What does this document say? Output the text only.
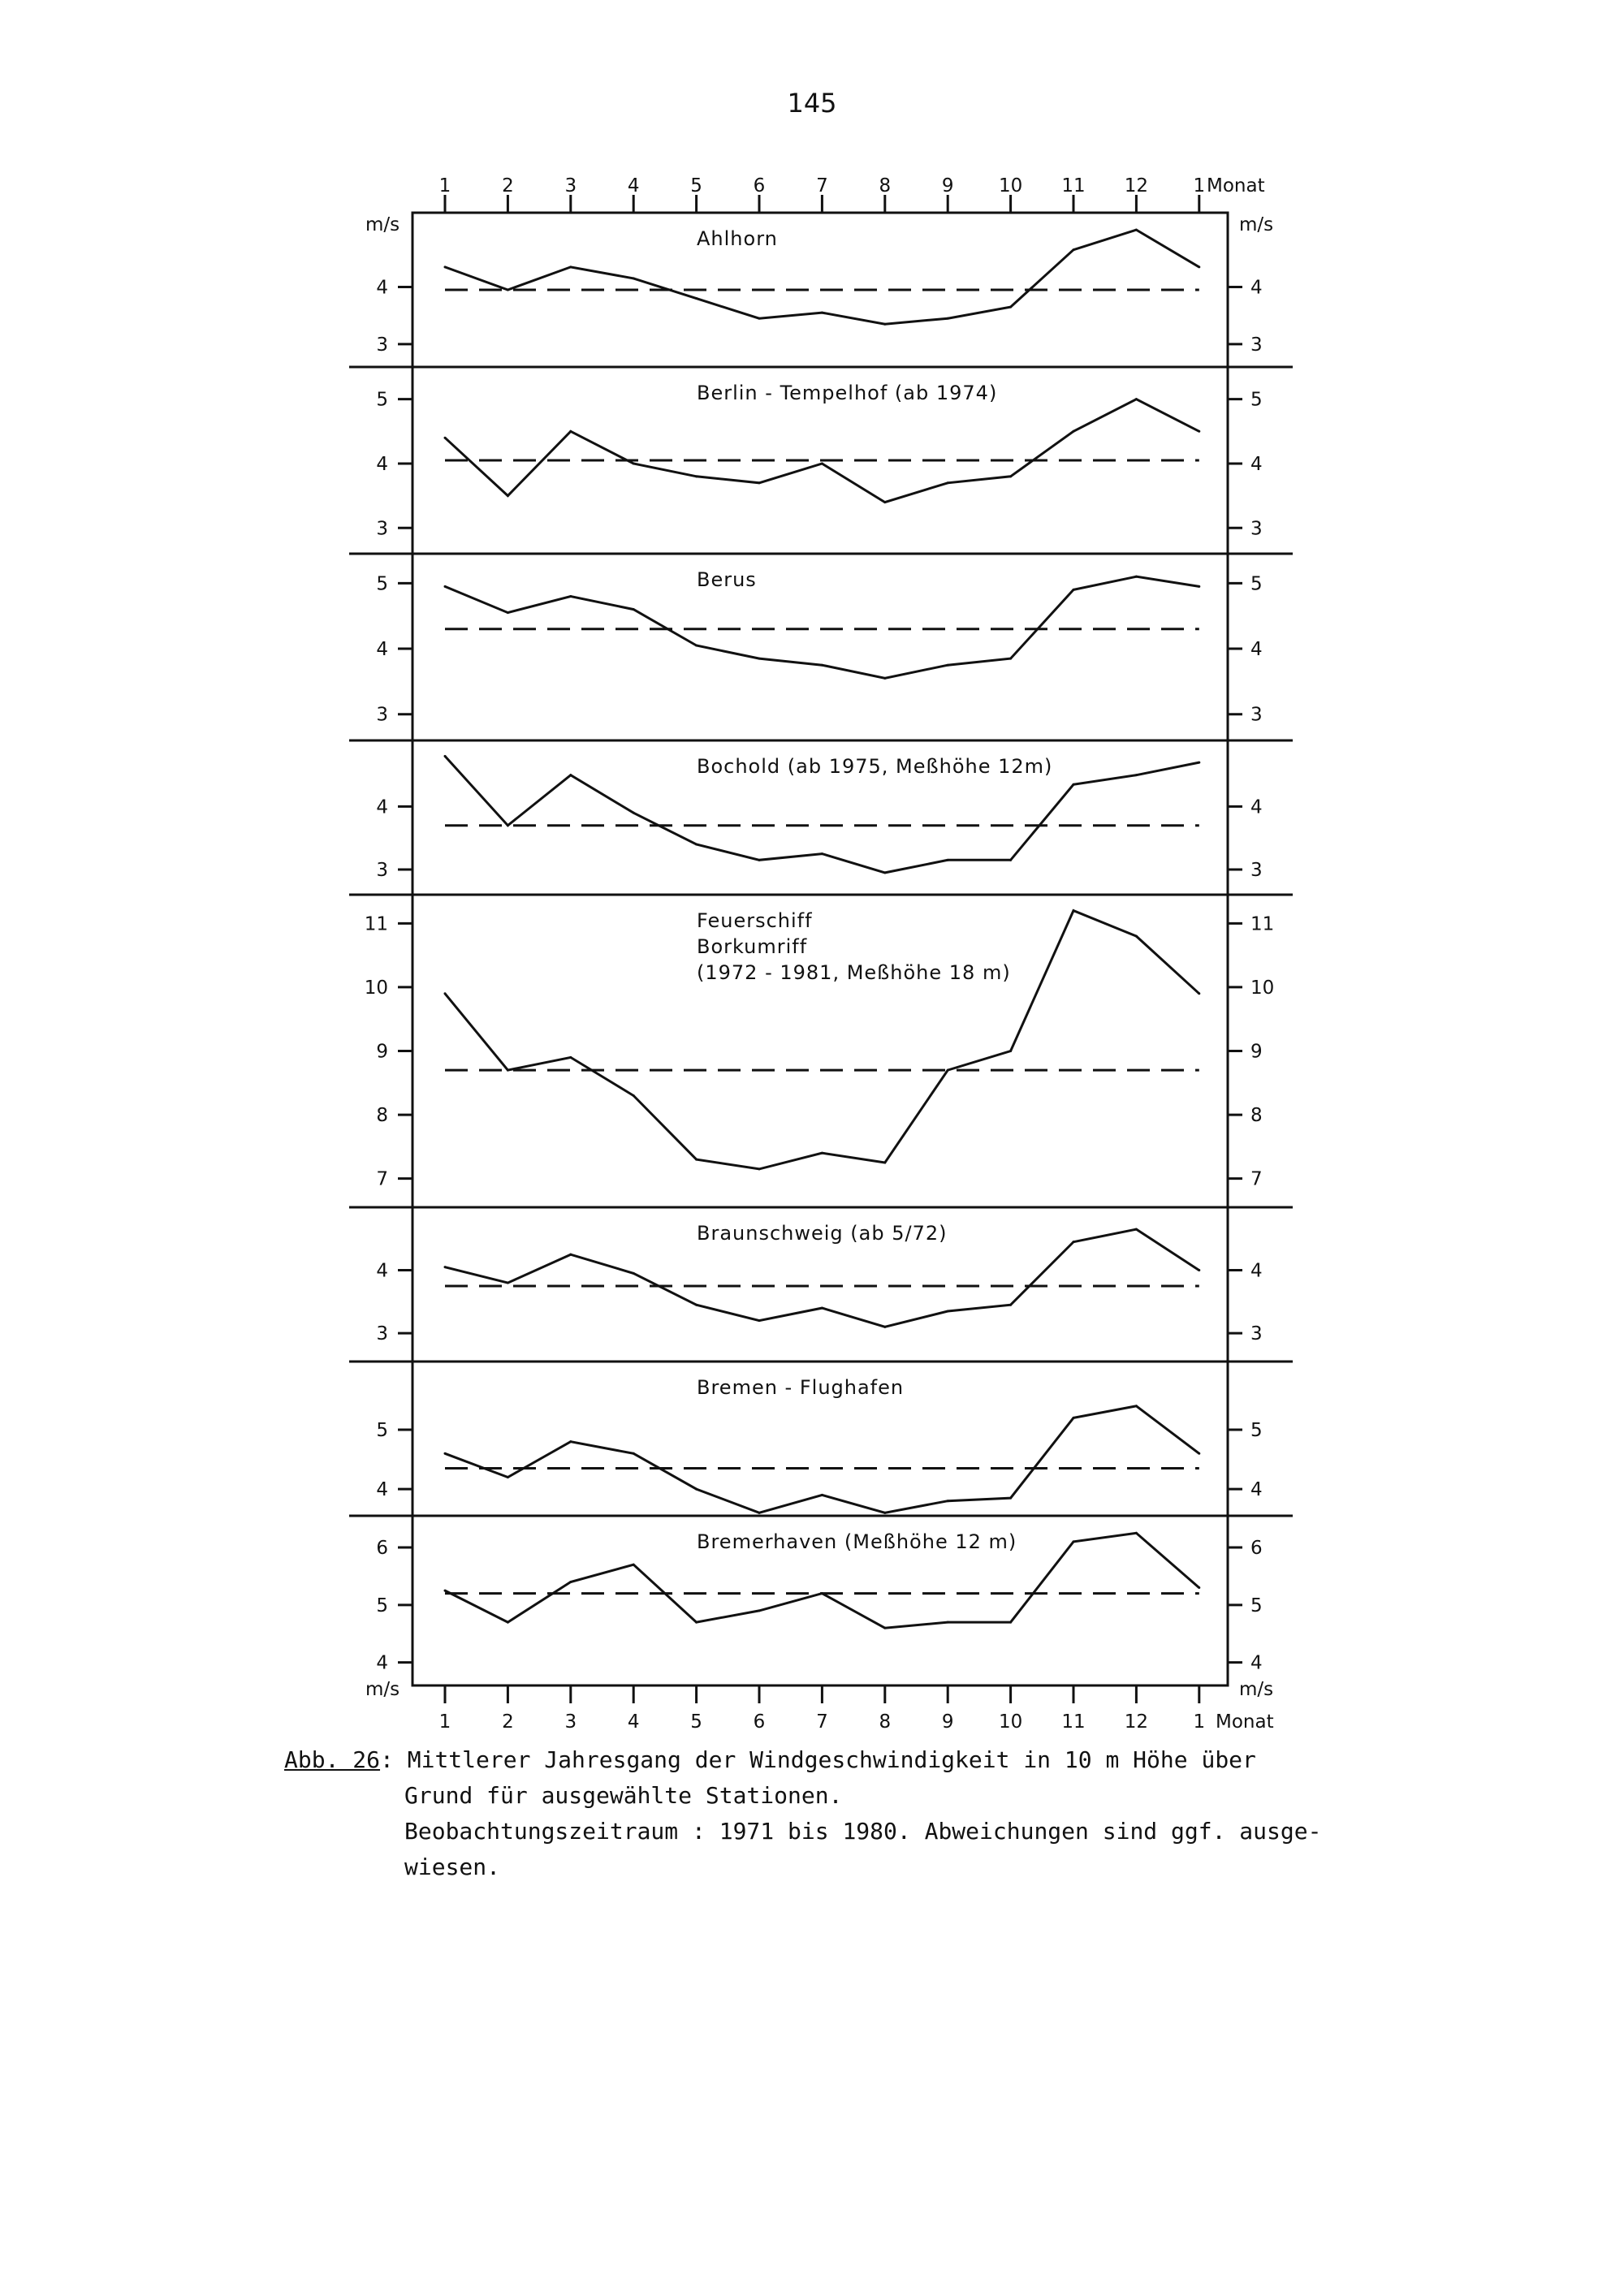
145
1	2	3	4	5	6	7	8	9 10 11 12 1
1	2	3	4	5	6	7	8	9 10 11 12 1
3	3
4	4
Ahlhorn
3	3
4	4
5	5
Berlin - Tempelhof (ab 1974)
3	3
4	4
5	5
Berus
3	3
4	4
Bochold (ab 1975, Meßhöhe 12m)
7	7
8	8
9	9
10	10
11	11
Feuerschiff
Borkumriff
(1972 - 1981, Meßhöhe 18 m)
3	3
4	4
Braunschweig (ab 5/72)
4	4
5	5
Bremen - Flughafen
4	4
5	5
6	6
Bremerhaven (Meßhöhe 12 m)
Monat
Monat
m/s	m/s
m/s	m/s
Abb. 26: Mittlerer Jahresgang der Windgeschwindigkeit in 10 m Höhe über
Grund für ausgewählte Stationen.
Beobachtungszeitraum : 1971 bis 1980. Abweichungen sind ggf. ausge-
wiesen.
